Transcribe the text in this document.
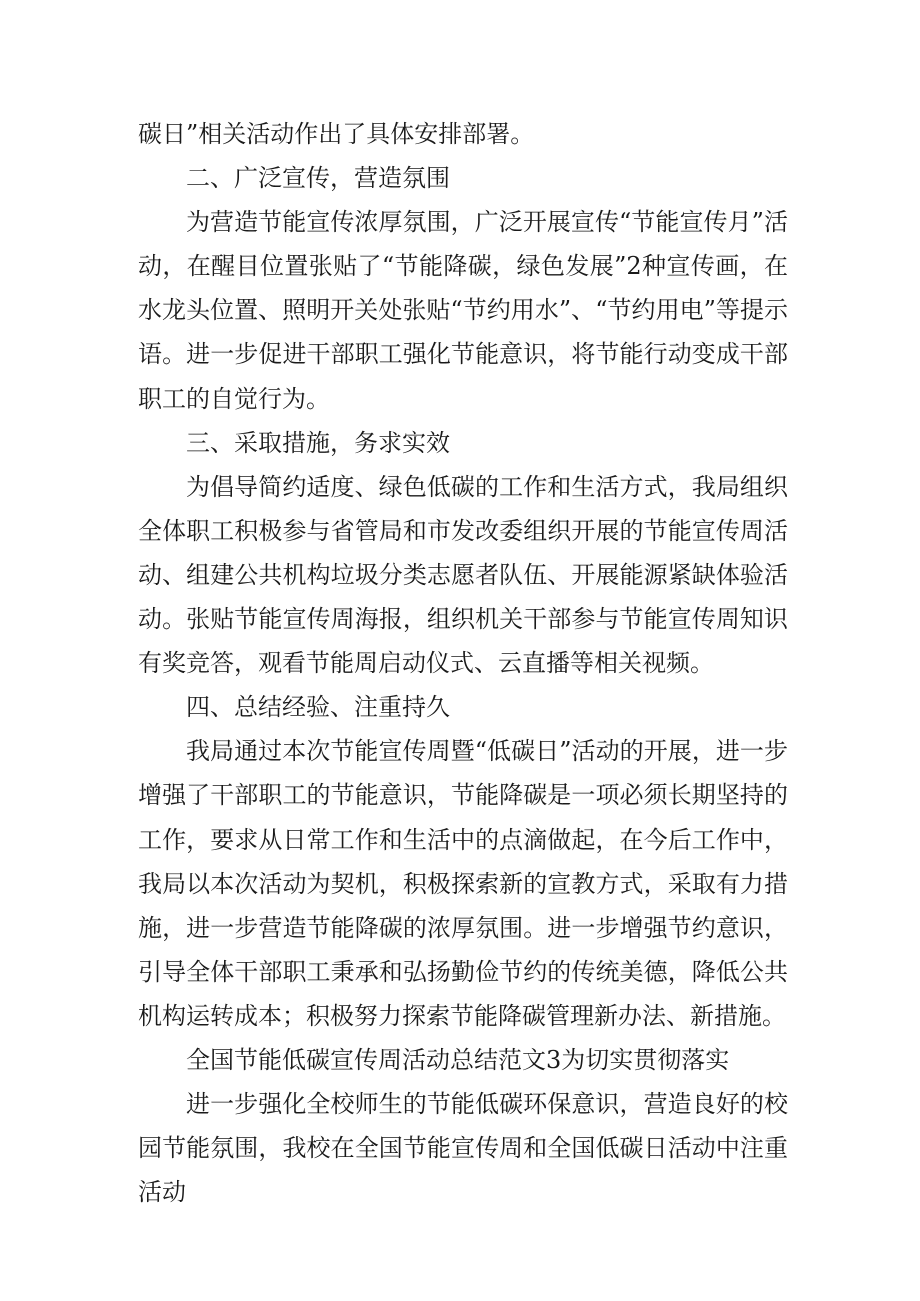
碳日”相关活动作出了具体安排部署。

二、广泛宣传，营造氛围

为营造节能宣传浓厚氛围，广泛开展宣传“节能宣传月”活动，在醒目位置张贴了“节能降碳，绿色发展”2种宣传画，在水龙头位置、照明开关处张贴“节约用水”、“节约用电”等提示语。进一步促进干部职工强化节能意识，将节能行动变成干部职工的自觉行为。

三、采取措施，务求实效

为倡导简约适度、绿色低碳的工作和生活方式，我局组织全体职工积极参与省管局和市发改委组织开展的节能宣传周活动、组建公共机构垃圾分类志愿者队伍、开展能源紧缺体验活动。张贴节能宣传周海报，组织机关干部参与节能宣传周知识有奖竞答，观看节能周启动仪式、云直播等相关视频。

四、总结经验、注重持久

我局通过本次节能宣传周暨“低碳日”活动的开展，进一步增强了干部职工的节能意识，节能降碳是一项必须长期坚持的工作，要求从日常工作和生活中的点滴做起，在今后工作中，我局以本次活动为契机，积极探索新的宣教方式，采取有力措施，进一步营造节能降碳的浓厚氛围。进一步增强节约意识，引导全体干部职工秉承和弘扬勤俭节约的传统美德，降低公共机构运转成本；积极努力探索节能降碳管理新办法、新措施。

全国节能低碳宣传周活动总结范文3为切实贯彻落实

进一步强化全校师生的节能低碳环保意识，营造良好的校园节能氛围，我校在全国节能宣传周和全国低碳日活动中注重活动
